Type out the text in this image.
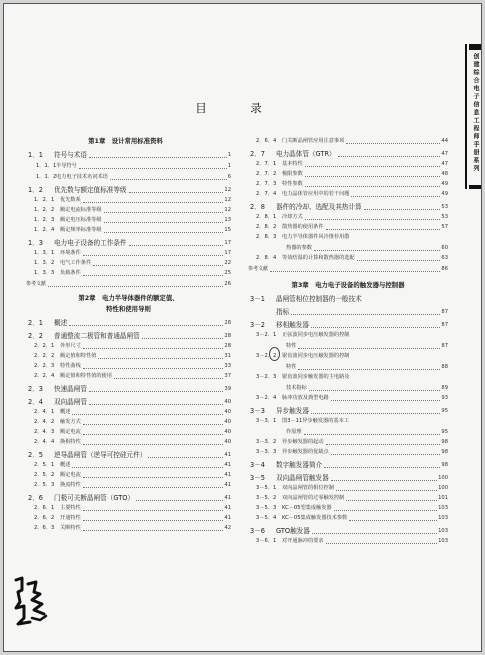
目　录
第1章　设计常用标准资料
1．1	符号与术语	1
1．1．1 半导符号	1
1．1．2 电力电子技术名词术语	6
1．2	优先数与额定值标准等级	12
1．2．1	优先数系	12
1．2．2	额定电流标准等级	12
1．2．3	额定电压标准等级	13
1．2．4	额定频率标准等级	15
1．3	电力电子设备的工作条件	17
1．3．1	环境条件	17
1．3．2	电气工作条件	22
1．3．3	负载条件	25
参考文献	26
第2章　电力半导体器件的额定值、
特性和使用导则
2．1	概述	28
2．2	普通整流二极管和普通晶闸管	28
2．2．1	外形尺寸	28
2．2．2	额定值和特性值	31
2．2．3	特性曲线	33
2．2．4	额定值和特性值的使用	37
2．3	快速晶闸管	39
2．4	双向晶闸管	40
2．4．1	概述	40
2．4．2	触发方式	40
2．4．3	额定电流	40
2．4．4	换相特性	40
2．5	逆导晶闸管（逆导可控硅元件）	41
2．5．1	概述	41
2．5．2	额定电流	41
2．5．3	换流特性	41
2．6	门极可关断晶闸管（GTO）	41
2．6．1	主要特性	41
2．6．2	开通特性	41
2．6．3	关断特性	42
2．6．4	门关断晶闸管应用注意事项	44
2．7	电力晶体管（GTR）	47
2．7．1	基本特性	47
2．7．2	极限参数	48
2．7．3	特性参数	49
2．7．4	电力晶体管应用中的若干问题	49
2．8	器件的冷却、选配及其热计算	53
2．8．1	冷却方式	53
2．8．2	散热器的使用条件	57
2．8．3	电力半导体器件风冷推荐用散
热器的参数	60
2．8．4	等效结温的计算和散热器的选配	63
参考文献	86
第3章　电力电子设备的触发器与控制器
3－1	晶闸管相位控制器的一般技术
指标	87
3－2	移相触发器	87
3－2．1	正弦波同步电压触发器的控制
特性	87
3－2．2	锯齿波同步电压触发器的控制
特性	88
3－2．3	锯齿波同步触发器的主电路及
技术指标	89
3－2．4	脉冲功放及典型电路	93
3－3	异步触发器	95
3－3．1	图3－11异步触发器的基本工
作原理	95
3－3．2	异步触发器的起动	98
3－3．3	异步触发器的优缺点	98
3－4	数字触发器简介	98
3－5	双向晶闸管触发器	100
3－5．1	双向晶闸管的相位控制	100
3－5．2	双向晶闸管的过零触发控制	101
3－5．3	KC－05型集成触发器	103
3－5．4	KC－05集成触发器技术参数	103
3－6	GTO触发器	103
3－6．1	对开通脉冲的要求	103
创建综合电子信息工程师手册系列
